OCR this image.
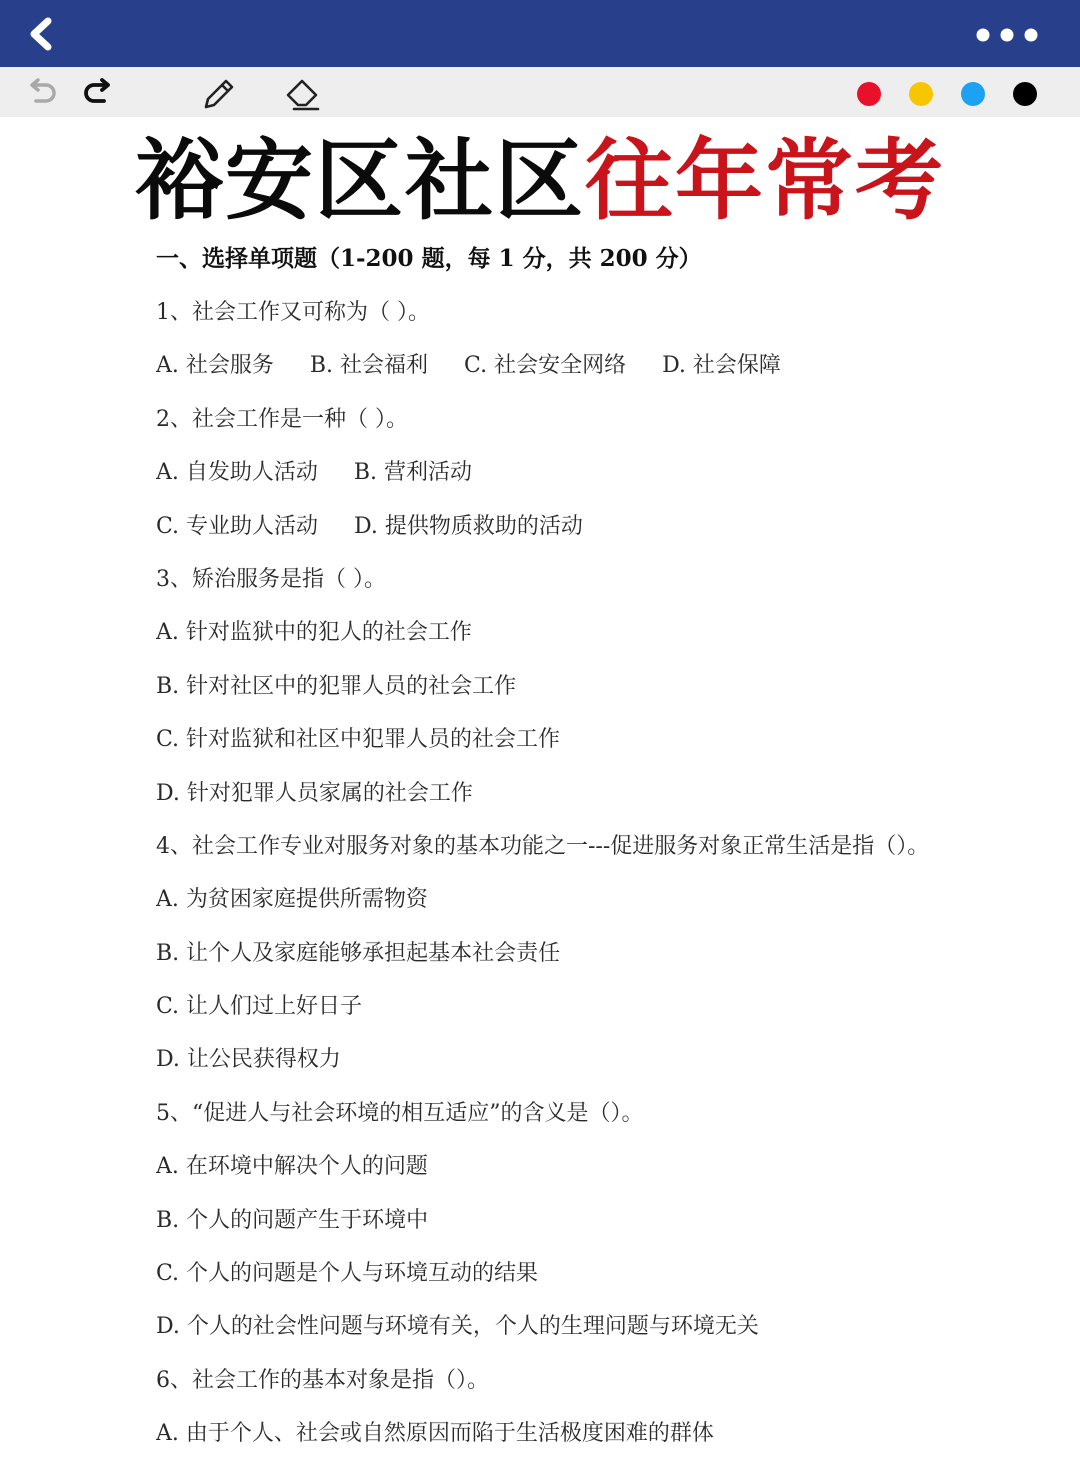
裕安区社区往年常考
一、选择单项题（1-200 题，每 1 分，共 200 分）
1、社会工作又可称为（ ）。
A. 社会服务 B. 社会福利 C. 社会安全网络 D. 社会保障
2、社会工作是一种（ ）。
A. 自发助人活动 B. 营利活动
C. 专业助人活动 D. 提供物质救助的活动
3、矫治服务是指（ ）。
A. 针对监狱中的犯人的社会工作
B. 针对社区中的犯罪人员的社会工作
C. 针对监狱和社区中犯罪人员的社会工作
D. 针对犯罪人员家属的社会工作
4、社会工作专业对服务对象的基本功能之一---促进服务对象正常生活是指（）。
A. 为贫困家庭提供所需物资
B. 让个人及家庭能够承担起基本社会责任
C. 让人们过上好日子
D. 让公民获得权力
5、“促进人与社会环境的相互适应”的含义是（）。
A. 在环境中解决个人的问题
B. 个人的问题产生于环境中
C. 个人的问题是个人与环境互动的结果
D. 个人的社会性问题与环境有关，个人的生理问题与环境无关
6、社会工作的基本对象是指（）。
A. 由于个人、社会或自然原因而陷于生活极度困难的群体
